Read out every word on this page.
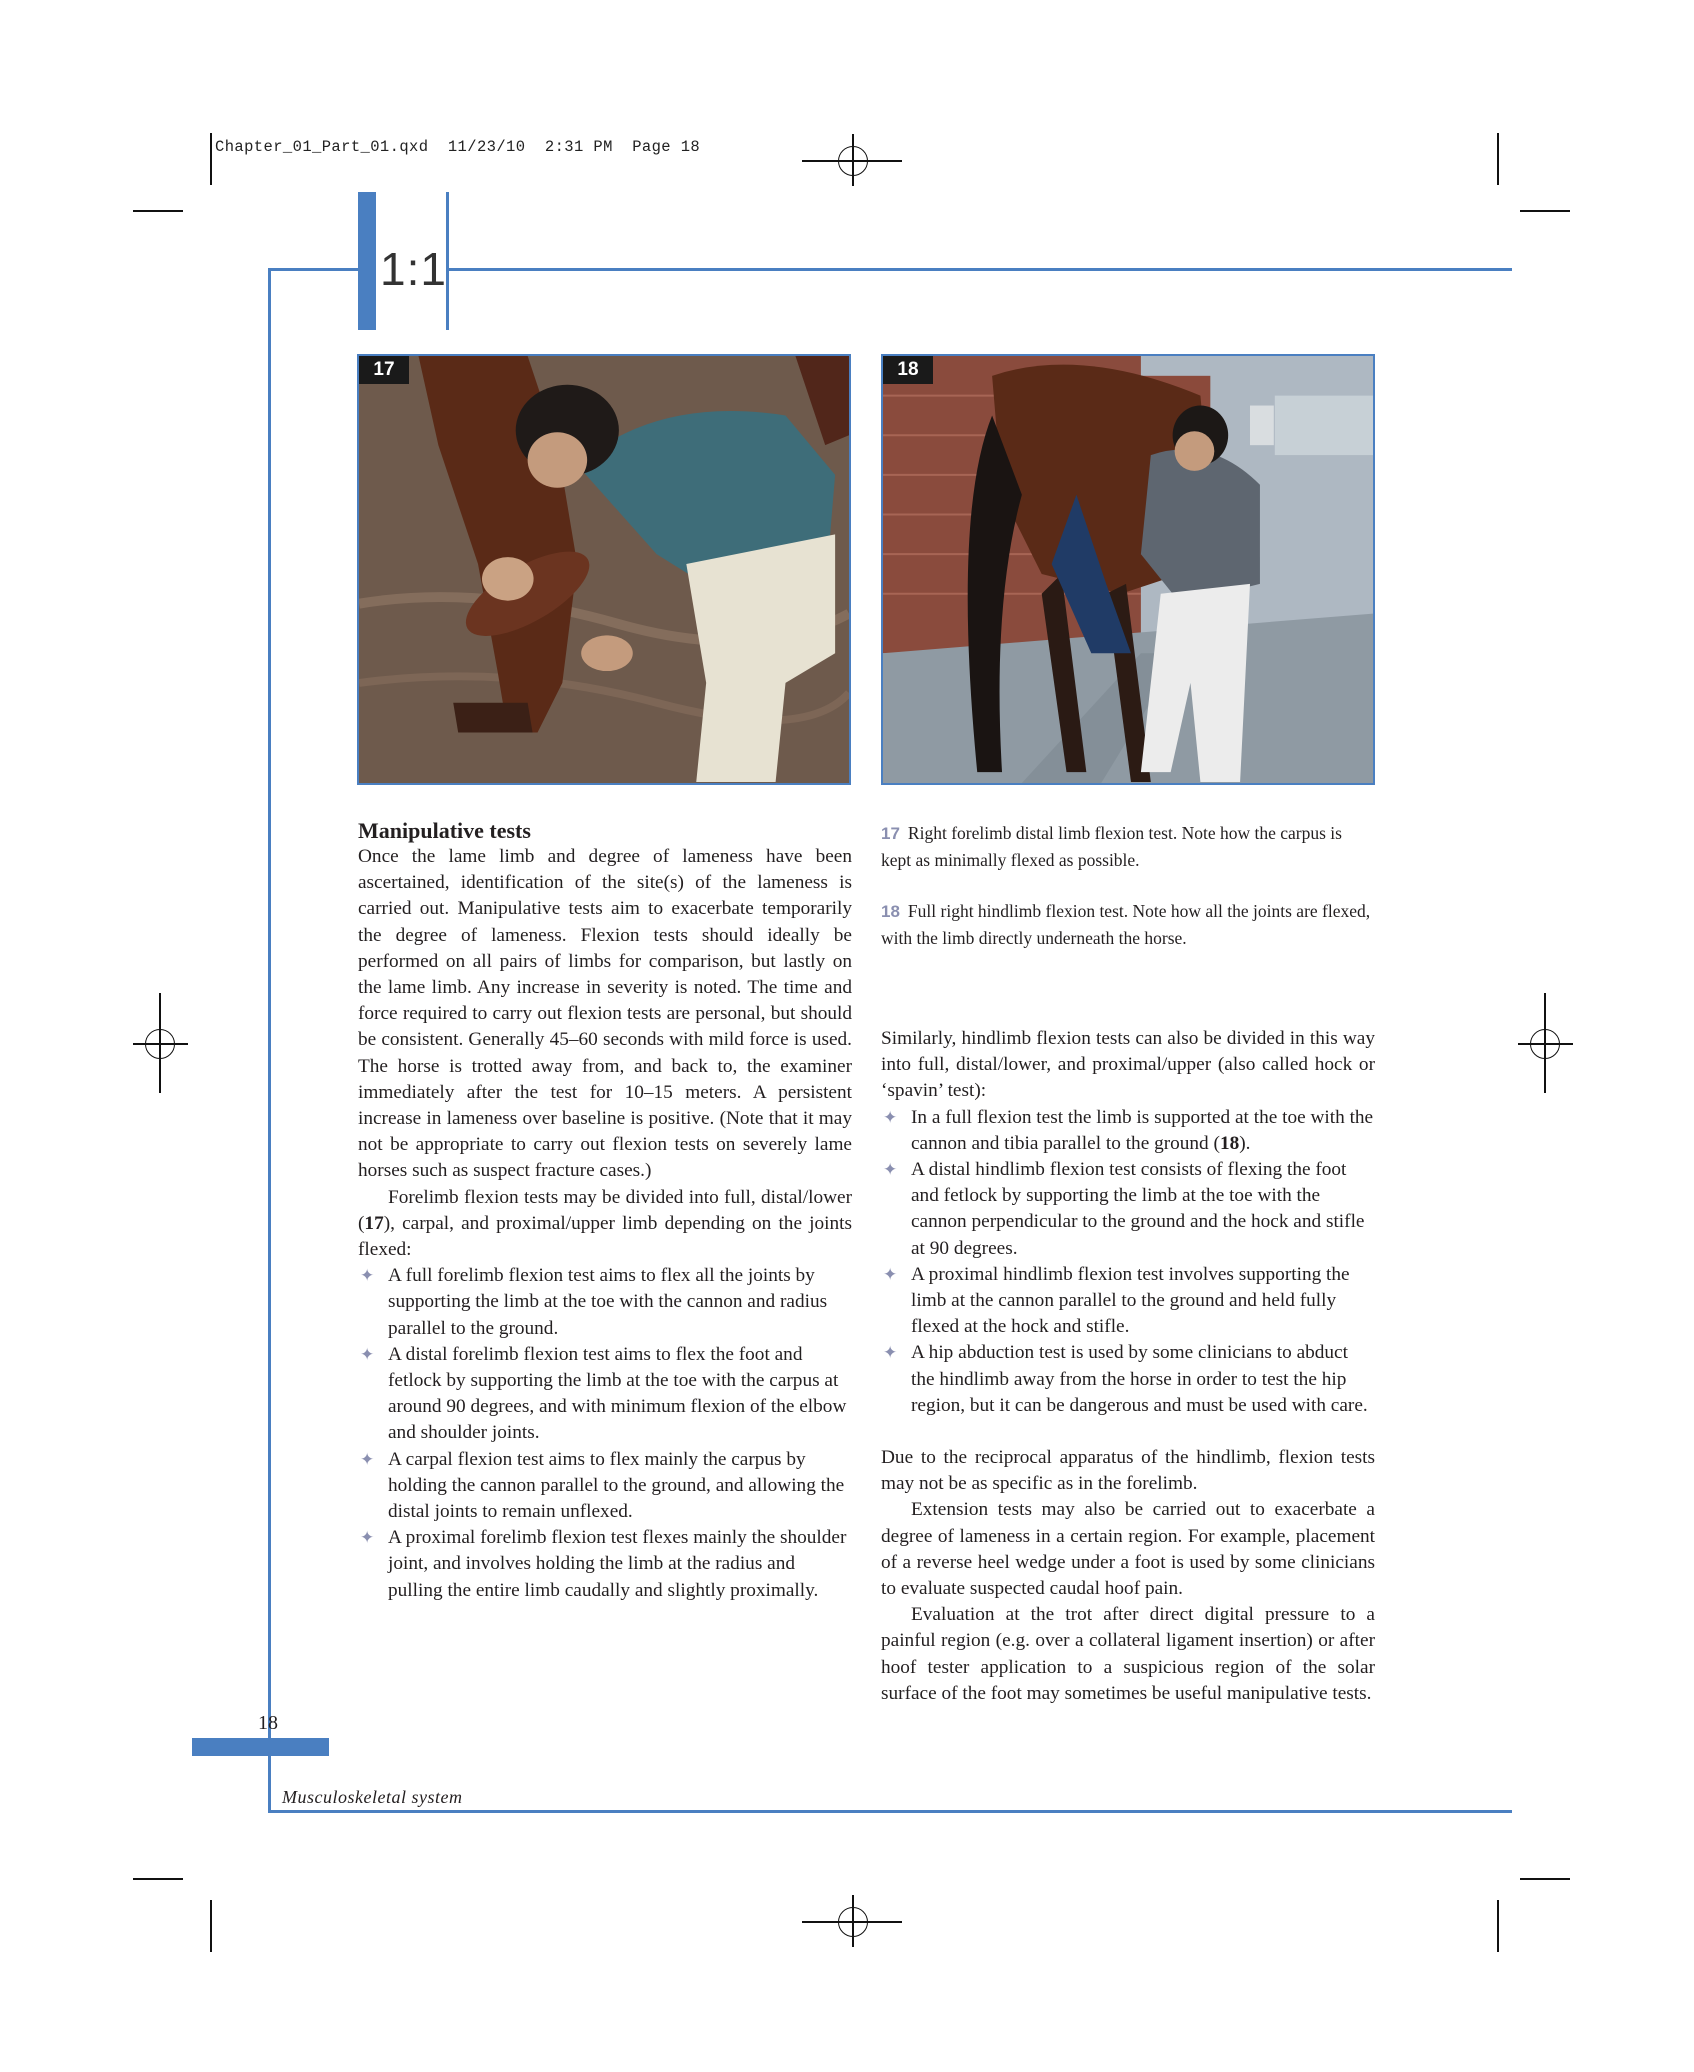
Chapter_01_Part_01.qxd 11/23/10 2:31 PM Page 18
1:1
17	18
17 Right forelimb distal limb flexion test. Note how the carpus is kept as minimally flexed as possible.
18 Full right hindlimb flexion test. Note how all the joints are flexed, with the limb directly underneath the horse.
Manipulative tests

Once the lame limb and degree of lameness have been ascertained, identification of the site(s) of the lameness is carried out. Manipulative tests aim to exacerbate temporarily the degree of lameness. Flexion tests should ideally be performed on all pairs of limbs for comparison, but lastly on the lame limb. Any increase in severity is noted. The time and force required to carry out flexion tests are personal, but should be consistent. Generally 45–60 seconds with mild force is used. The horse is trotted away from, and back to, the examiner immediately after the test for 10–15 meters. A persistent increase in lameness over baseline is positive. (Note that it may not be appropriate to carry out flexion tests on severely lame horses such as suspect fracture cases.)

Forelimb flexion tests may be divided into full, distal/lower (17), carpal, and proximal/upper limb depending on the joints flexed:

✦ A full forelimb flexion test aims to flex all the joints by supporting the limb at the toe with the cannon and radius parallel to the ground.
✦ A distal forelimb flexion test aims to flex the foot and fetlock by supporting the limb at the toe with the carpus at around 90 degrees, and with minimum flexion of the elbow and shoulder joints.
✦ A carpal flexion test aims to flex mainly the carpus by holding the cannon parallel to the ground, and allowing the distal joints to remain unflexed.
✦ A proximal forelimb flexion test flexes mainly the shoulder joint, and involves holding the limb at the radius and pulling the entire limb caudally and slightly proximally.

Similarly, hindlimb flexion tests can also be divided in this way into full, distal/lower, and proximal/upper (also called hock or ‘spavin’ test):

✦ In a full flexion test the limb is supported at the toe with the cannon and tibia parallel to the ground (18).
✦ A distal hindlimb flexion test consists of flexing the foot and fetlock by supporting the limb at the toe with the cannon perpendicular to the ground and the hock and stifle at 90 degrees.
✦ A proximal hindlimb flexion test involves supporting the limb at the cannon parallel to the ground and held fully flexed at the hock and stifle.
✦ A hip abduction test is used by some clinicians to abduct the hindlimb away from the horse in order to test the hip region, but it can be dangerous and must be used with care.

Due to the reciprocal apparatus of the hindlimb, flexion tests may not be as specific as in the forelimb.

Extension tests may also be carried out to exacerbate a degree of lameness in a certain region. For example, placement of a reverse heel wedge under a foot is used by some clinicians to evaluate suspected caudal hoof pain.

Evaluation at the trot after direct digital pressure to a painful region (e.g. over a collateral ligament insertion) or after hoof tester application to a suspicious region of the solar surface of the foot may sometimes be useful manipulative tests.

18
Musculoskeletal system
